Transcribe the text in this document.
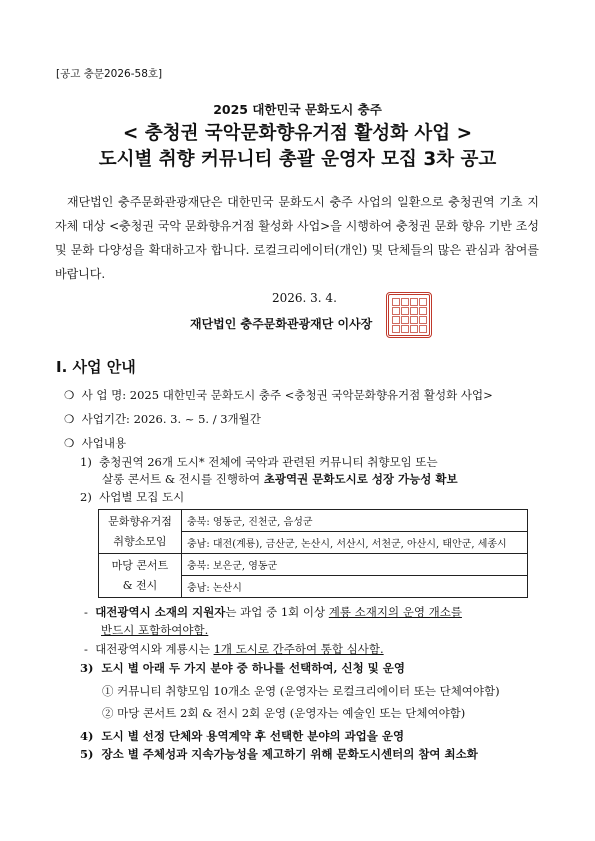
[공고 충문2026-58호]
2025 대한민국 문화도시 충주
< 충청권 국악문화향유거점 활성화 사업 >
도시별 취향 커뮤니티 총괄 운영자 모집 3차 공고
재단법인 충주문화관광재단은 대한민국 문화도시 충주 사업의 일환으로 충청권역 기초 지자체 대상 <충청권 국악 문화향유거점 활성화 사업>을 시행하여 충청권 문화 향유 기반 조성 및 문화 다양성을 확대하고자 합니다. 로컬크리에이터(개인) 및 단체들의 많은 관심과 참여를 바랍니다.
2026. 3. 4.
재단법인 충주문화관광재단 이사장
Ⅰ. 사업 안내
❍ 사 업 명: 2025 대한민국 문화도시 충주 <충청권 국악문화향유거점 활성화 사업>
❍ 사업기간: 2026. 3. ~ 5. / 3개월간
❍ 사업내용
1) 충청권역 26개 도시* 전체에 국악과 관련된 커뮤니티 취향모임 또는
살롱 콘서트 & 전시를 진행하여 초광역권 문화도시로 성장 가능성 확보
2) 사업별 모집 도시
문화향유거점
취향소모임	충북: 영동군, 진천군, 음성군
	충남: 대전(계룡), 금산군, 논산시, 서산시, 서천군, 아산시, 태안군, 세종시
마당 콘서트
& 전시	충북: 보은군, 영동군
	충남: 논산시
-  대전광역시 소재의 지원자는 과업 중 1회 이상 계룡 소재지의 운영 개소를
반드시 포함하여야함.
-  대전광역시와 계룡시는 1개 도시로 간주하여 통합 심사함.
3) 도시 별 아래 두 가지 분야 중 하나를 선택하여, 신청 및 운영
① 커뮤니티 취향모임 10개소 운영 (운영자는 로컬크리에이터 또는 단체여야함)
② 마당 콘서트 2회 & 전시 2회 운영 (운영자는 예술인 또는 단체여야함)
4) 도시 별 선정 단체와 용역계약 후 선택한 분야의 과업을 운영
5) 장소 별 주체성과 지속가능성을 제고하기 위해 문화도시센터의 참여 최소화
